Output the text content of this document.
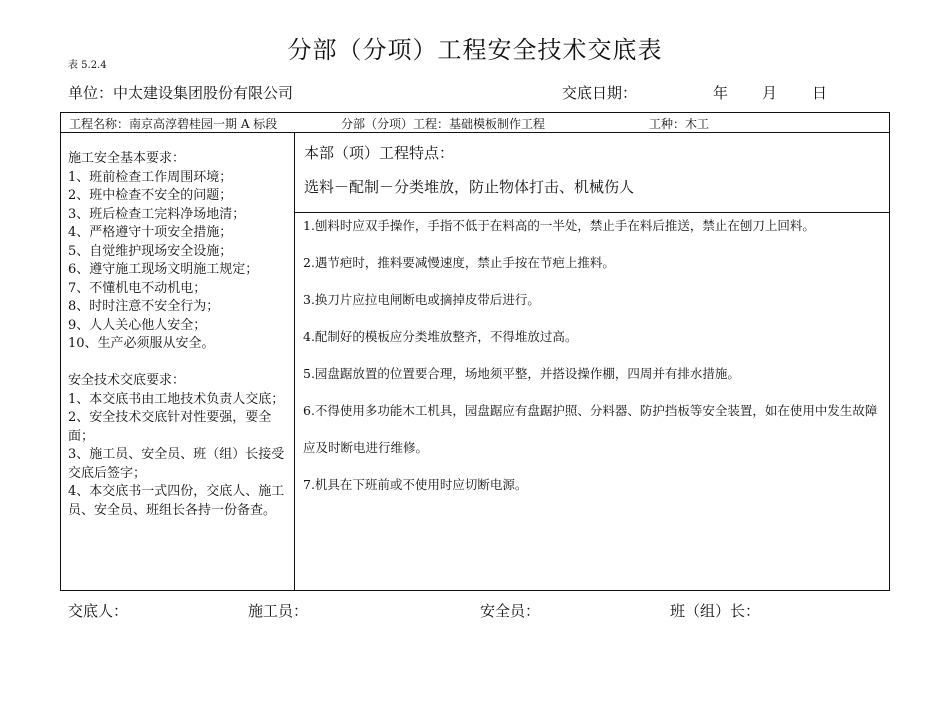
表 5.2.4
分部（分项）工程安全技术交底表
单位：中太建设集团股份有限公司	交底日期：	年 月 日
工程名称：南京高淳碧桂园一期 A 标段	分部（分项）工程：基础模板制作工程	工种：木工
施工安全基本要求：
1、班前检查工作周围环境；
2、班中检查不安全的问题；
3、班后检查工完料净场地清；
4、严格遵守十项安全措施；
5、自觉维护现场安全设施；
6、遵守施工现场文明施工规定；
7、不懂机电不动机电；
8、时时注意不安全行为；
9、人人关心他人安全；
10、生产必须服从安全。
安全技术交底要求：
1、本交底书由工地技术负责人交底；
2、安全技术交底针对性要强，要全面；
3、施工员、安全员、班（组）长接受交底后签字；
4、本交底书一式四份，交底人、施工员、安全员、班组长各持一份备查。
本部（项）工程特点：
选料－配制－分类堆放，防止物体打击、机械伤人
1.刨料时应双手操作，手指不低于在料高的一半处，禁止手在料后推送，禁止在刨刀上回料。
2.遇节疤时，推料要减慢速度，禁止手按在节疤上推料。
3.换刀片应拉电闸断电或摘掉皮带后进行。
4.配制好的模板应分类堆放整齐，不得堆放过高。
5.园盘踞放置的位置要合理，场地须平整，并搭设操作棚，四周并有排水措施。
6.不得使用多功能木工机具，园盘踞应有盘踞护照、分料器、防护挡板等安全装置，如在使用中发生故障应及时断电进行维修。
7.机具在下班前或不使用时应切断电源。
交底人：	施工员：	安全员：	班（组）长：
